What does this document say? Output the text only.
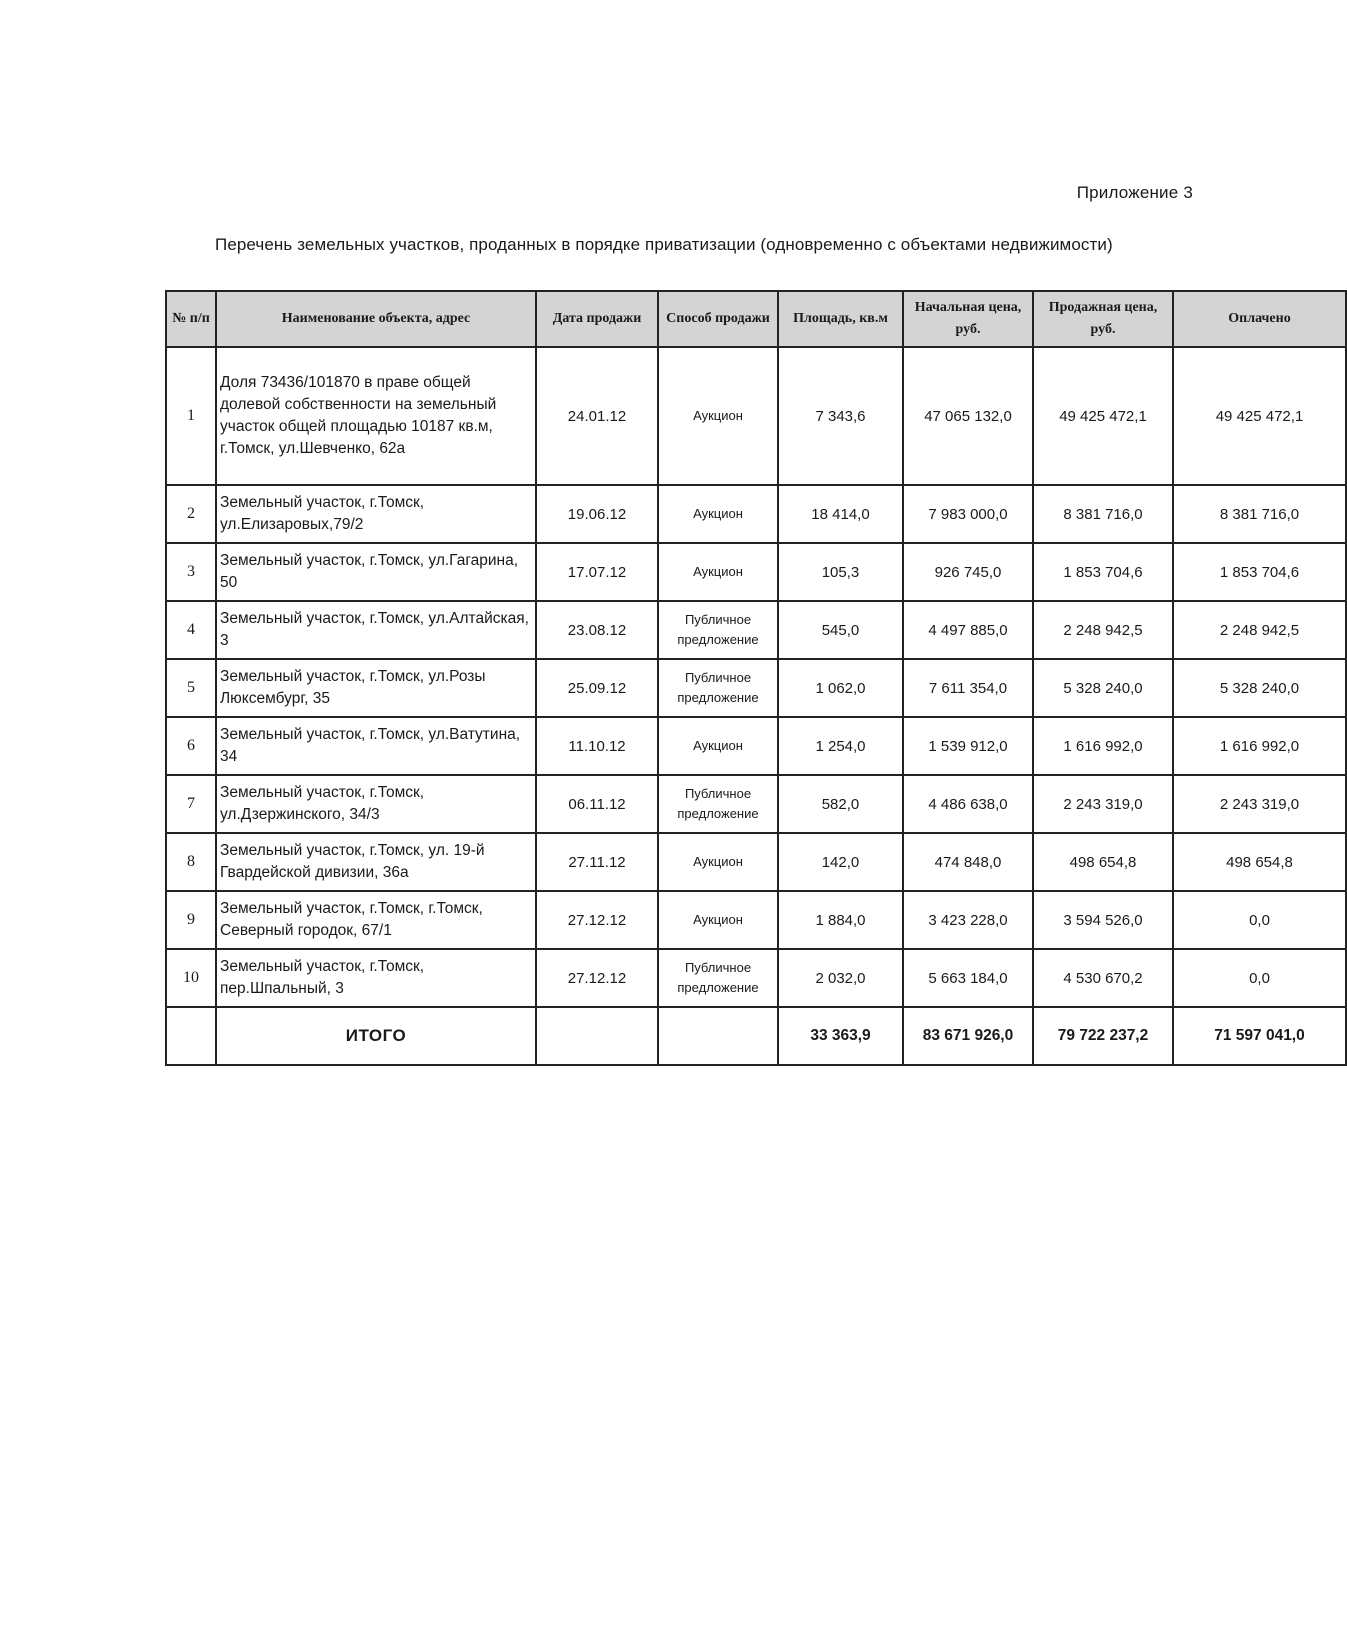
Приложение 3
Перечень земельных участков, проданных в порядке приватизации (одновременно с объектами недвижимости)
№ п/п	Наименование объекта, адрес	Дата продажи	Способ продажи	Площадь, кв.м	Начальная цена, руб.	Продажная цена, руб.	Оплачено
1	Доля 73436/101870 в праве общей долевой собственности на земельный участок общей площадью 10187 кв.м, г.Томск, ул.Шевченко, 62а	24.01.12	Аукцион	7 343,6	47 065 132,0	49 425 472,1	49 425 472,1
2	Земельный участок, г.Томск, ул.Елизаровых,79/2	19.06.12	Аукцион	18 414,0	7 983 000,0	8 381 716,0	8 381 716,0
3	Земельный участок, г.Томск, ул.Гагарина, 50	17.07.12	Аукцион	105,3	926 745,0	1 853 704,6	1 853 704,6
4	Земельный участок, г.Томск, ул.Алтайская, 3	23.08.12	Публичное предложение	545,0	4 497 885,0	2 248 942,5	2 248 942,5
5	Земельный участок, г.Томск, ул.Розы Люксембург, 35	25.09.12	Публичное предложение	1 062,0	7 611 354,0	5 328 240,0	5 328 240,0
6	Земельный участок, г.Томск, ул.Ватутина, 34	11.10.12	Аукцион	1 254,0	1 539 912,0	1 616 992,0	1 616 992,0
7	Земельный участок, г.Томск, ул.Дзержинского, 34/3	06.11.12	Публичное предложение	582,0	4 486 638,0	2 243 319,0	2 243 319,0
8	Земельный участок, г.Томск, ул. 19-й Гвардейской дивизии, 36а	27.11.12	Аукцион	142,0	474 848,0	498 654,8	498 654,8
9	Земельный участок, г.Томск, г.Томск, Северный городок, 67/1	27.12.12	Аукцион	1 884,0	3 423 228,0	3 594 526,0	0,0
10	Земельный участок, г.Томск, пер.Шпальный, 3	27.12.12	Публичное предложение	2 032,0	5 663 184,0	4 530 670,2	0,0
	ИТОГО			33 363,9	83 671 926,0	79 722 237,2	71 597 041,0
